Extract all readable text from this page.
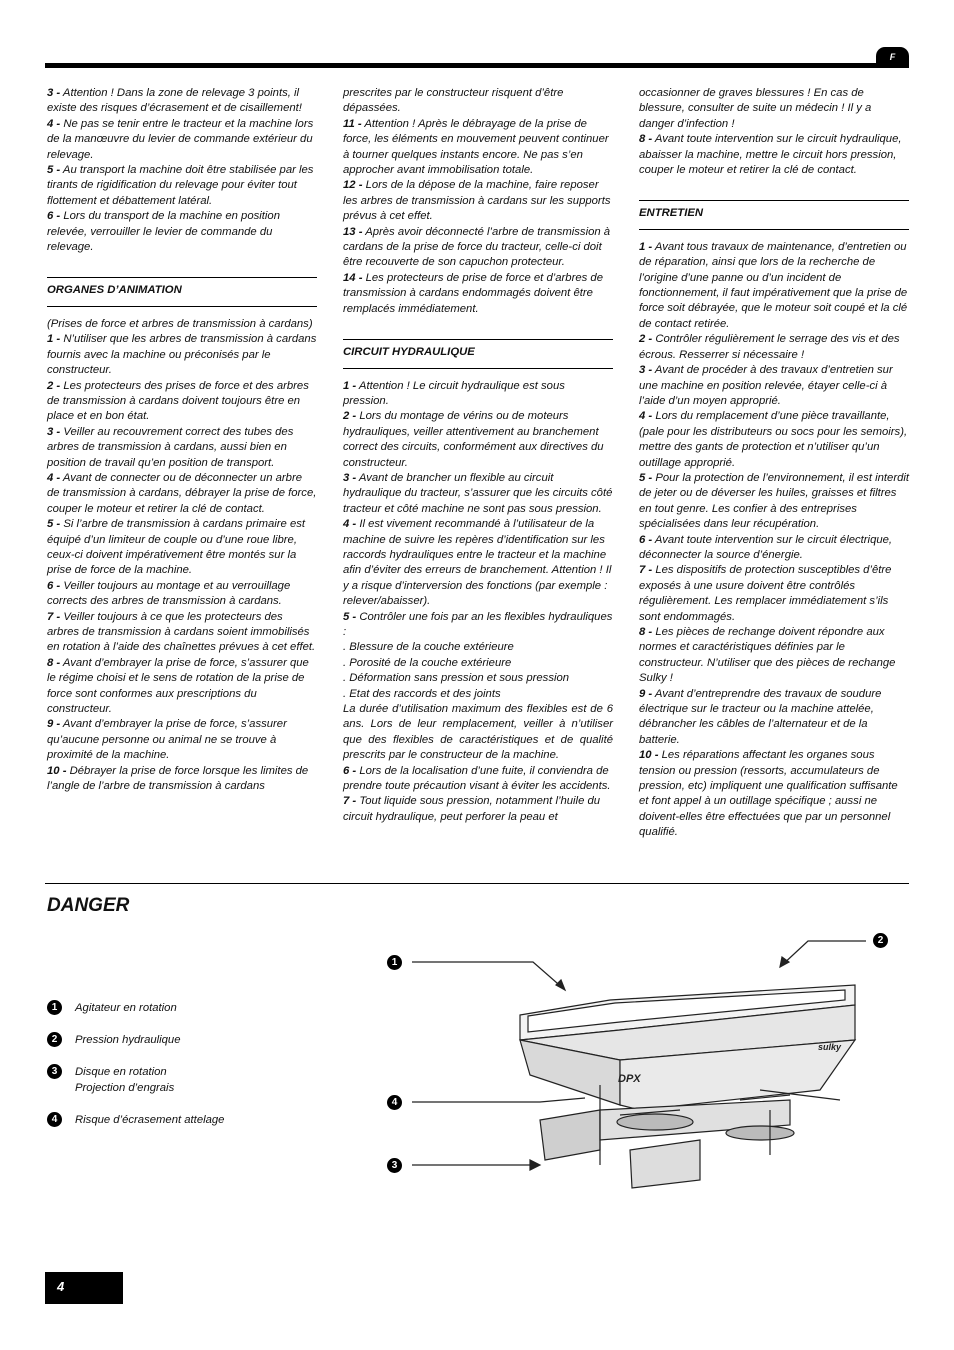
F

3 - Attention ! Dans la zone de relevage 3 points, il existe des risques d’écrasement et de cisaillement!

4 - Ne pas se tenir entre le tracteur et la machine lors de la manœuvre du levier de commande extérieur du relevage.

5 - Au transport la machine doit être stabilisée par les tirants de rigidification du relevage pour éviter tout flottement et débattement latéral.

6 - Lors du transport de la machine en position relevée, verrouiller le levier de commande du relevage.

ORGANES D’ANIMATION

(Prises de force et arbres de transmission à cardans)

1 - N’utiliser que les arbres de transmission à cardans fournis avec la machine ou préconisés par le constructeur.

2 - Les protecteurs des prises de force et des arbres de transmission à cardans doivent toujours être en place et en bon état.

3 - Veiller au recouvrement correct des tubes des arbres de transmission à cardans, aussi bien en position de travail qu’en position de transport.

4 - Avant de connecter ou de déconnecter un arbre de transmission à cardans, débrayer la prise de force, couper le moteur et retirer la clé de contact.

5 - Si l’arbre de transmission à cardans primaire est équipé d’un limiteur de couple ou d’une roue libre, ceux-ci doivent impérativement être montés sur la prise de force de la machine.

6 - Veiller toujours au montage et au verrouillage corrects des arbres de transmission à cardans.

7 - Veiller toujours à ce que les protecteurs des arbres de transmission à cardans soient immobilisés en rotation à l’aide des chaînettes prévues à cet effet.

8 - Avant d’embrayer la prise de force, s’assurer que le régime choisi et le sens de rotation de la prise de force sont conformes aux prescriptions du constructeur.

9 - Avant d’embrayer la prise de force, s’assurer qu’aucune personne ou animal ne se trouve à proximité de la machine.

10 - Débrayer la prise de force lorsque les limites de l’angle de l’arbre de transmission à cardans

prescrites par le constructeur risquent d’être dépassées.

11 - Attention ! Après le débrayage de la prise de force, les éléments en mouvement peuvent continuer à tourner quelques instants encore. Ne pas s’en approcher avant immobilisation totale.

12 - Lors de la dépose de la machine, faire reposer les arbres de transmission à cardans sur les supports prévus à cet effet.

13 - Après avoir déconnecté l’arbre de transmission à cardans de la prise de force du tracteur, celle-ci doit être recouverte de son capuchon protecteur.

14 - Les protecteurs de prise de force et d’arbres de transmission à cardans endommagés doivent être remplacés immédiatement.

CIRCUIT HYDRAULIQUE

1 - Attention ! Le circuit hydraulique est sous pression.

2 - Lors du montage de vérins ou de moteurs hydrauliques, veiller attentivement au branchement correct des circuits, conformément aux directives du constructeur.

3 - Avant de brancher un flexible au circuit hydraulique du tracteur, s’assurer que les circuits côté tracteur et côté machine ne sont pas sous pression.

4 - Il est vivement recommandé à l’utilisateur de la machine de suivre les repères d’identification sur les raccords hydrauliques entre le tracteur et la machine afin d’éviter des erreurs de branchement. Attention ! Il y a risque d’interversion des fonctions (par exemple : relever/abaisser).

5 - Contrôler une fois par an les flexibles hydrauliques :

. Blessure de la couche extérieure

. Porosité de la couche extérieure

. Déformation sans pression et sous pression

. Etat des raccords et des joints

La durée d’utilisation maximum des flexibles est de 6 ans. Lors de leur remplacement, veiller à n’utiliser que des flexibles de caractéristiques et de qualité prescrits par le constructeur de la machine.

6 - Lors de la localisation d’une fuite, il conviendra de prendre toute précaution visant à éviter les accidents.

7 - Tout liquide sous pression, notamment l’huile du circuit hydraulique, peut perforer la peau et

occasionner de graves blessures ! En cas de blessure, consulter de suite un médecin ! Il y a danger d’infection !

8 - Avant toute intervention sur le circuit hydraulique, abaisser la machine, mettre le circuit hors pression, couper le moteur et retirer la clé de contact.

ENTRETIEN

1 - Avant tous travaux de maintenance, d’entretien ou de réparation, ainsi que lors de la recherche de l’origine d’une panne ou d’un incident de fonctionnement, il faut impérativement que la prise de force soit débrayée, que le moteur soit coupé et la clé de contact retirée.

2 - Contrôler régulièrement le serrage des vis et des écrous. Resserrer si nécessaire !

3 - Avant de procéder à des travaux d’entretien sur une machine en position relevée, étayer celle-ci à l’aide d’un moyen approprié.

4 - Lors du remplacement d’une pièce travaillante, (pale pour les distributeurs ou socs pour les semoirs), mettre des gants de protection et n’utiliser qu’un outillage approprié.

5 - Pour la protection de l’environnement, il est interdit de jeter ou de déverser les huiles, graisses et filtres en tout genre. Les confier à des entreprises spécialisées dans leur récupération.

6 - Avant toute intervention sur le circuit électrique, déconnecter la source d’énergie.

7 - Les dispositifs de protection susceptibles d’être exposés à une usure doivent être contrôlés régulièrement. Les remplacer immédiatement s’ils sont endommagés.

8 - Les pièces de rechange doivent répondre aux normes et caractéristiques définies par le constructeur. N’utiliser que des pièces de rechange Sulky !

9 - Avant d’entreprendre des travaux de soudure électrique sur le tracteur ou la machine attelée, débrancher les câbles de l’alternateur et de la batterie.

10 - Les réparations affectant les organes sous tension ou pression (ressorts, accumulateurs de pression, etc) impliquent une qualification suffisante et font appel à un outillage spécifique ; aussi ne doivent-elles être effectuées que par un personnel qualifié.

DANGER
1	Agitateur en rotation
2	Pression hydraulique
3	Disque en rotation
Projection d’engrais
4	Risque d’écrasement attelage
1
2
3
4
DPX
sulky
4
